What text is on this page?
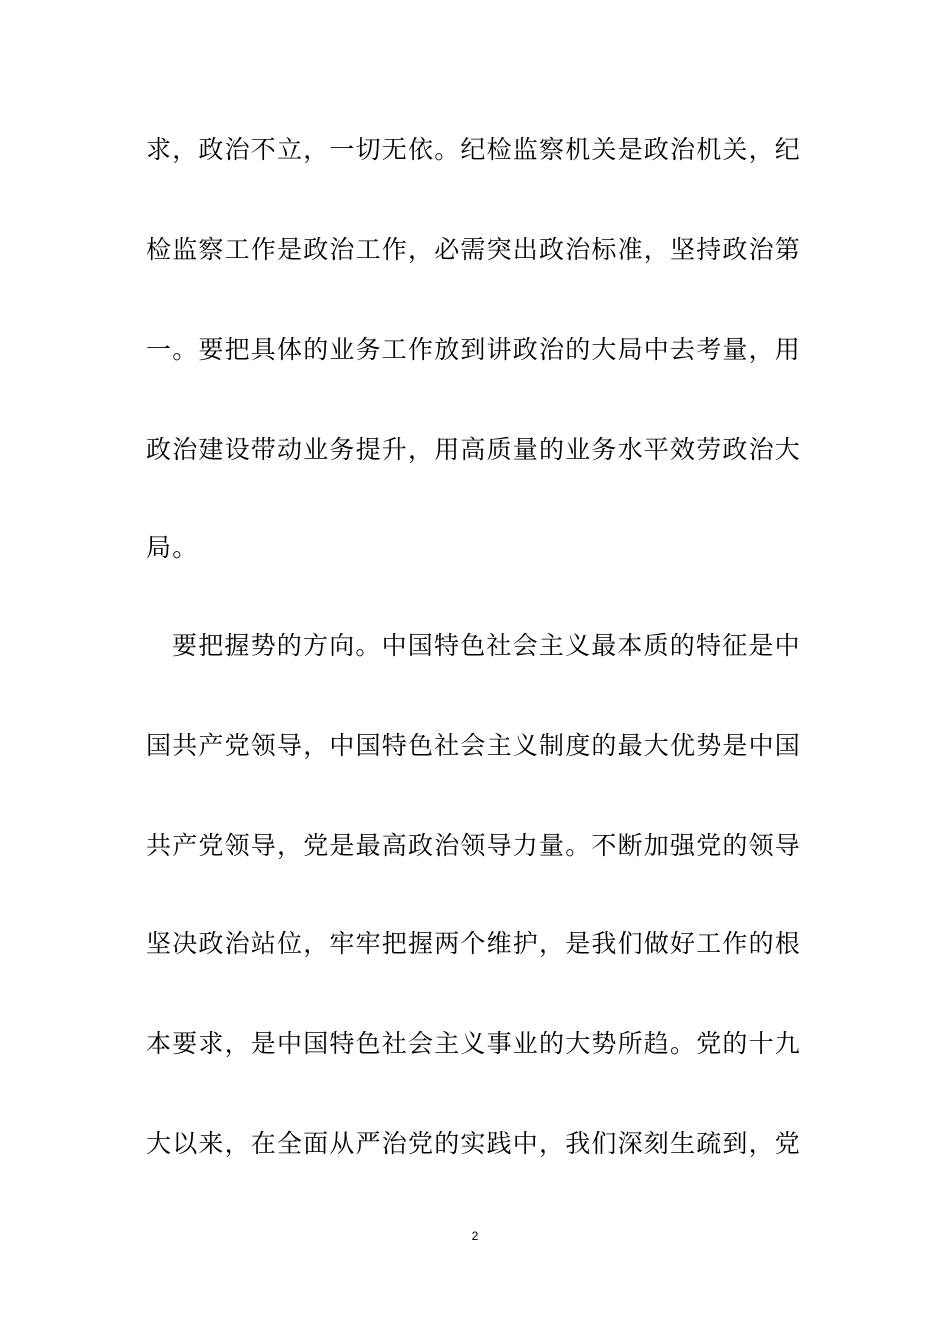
求，政治不立，一切无依。纪检监察机关是政治机关，纪
检监察工作是政治工作，必需突出政治标准，坚持政治第
一。要把具体的业务工作放到讲政治的大局中去考量，用
政治建设带动业务提升，用高质量的业务水平效劳政治大
局。
要把握势的方向。中国特色社会主义最本质的特征是中
国共产党领导，中国特色社会主义制度的最大优势是中国
共产党领导，党是最高政治领导力量。不断加强党的领导
坚决政治站位，牢牢把握两个维护，是我们做好工作的根
本要求，是中国特色社会主义事业的大势所趋。党的十九
大以来，在全面从严治党的实践中，我们深刻生疏到，党
2
